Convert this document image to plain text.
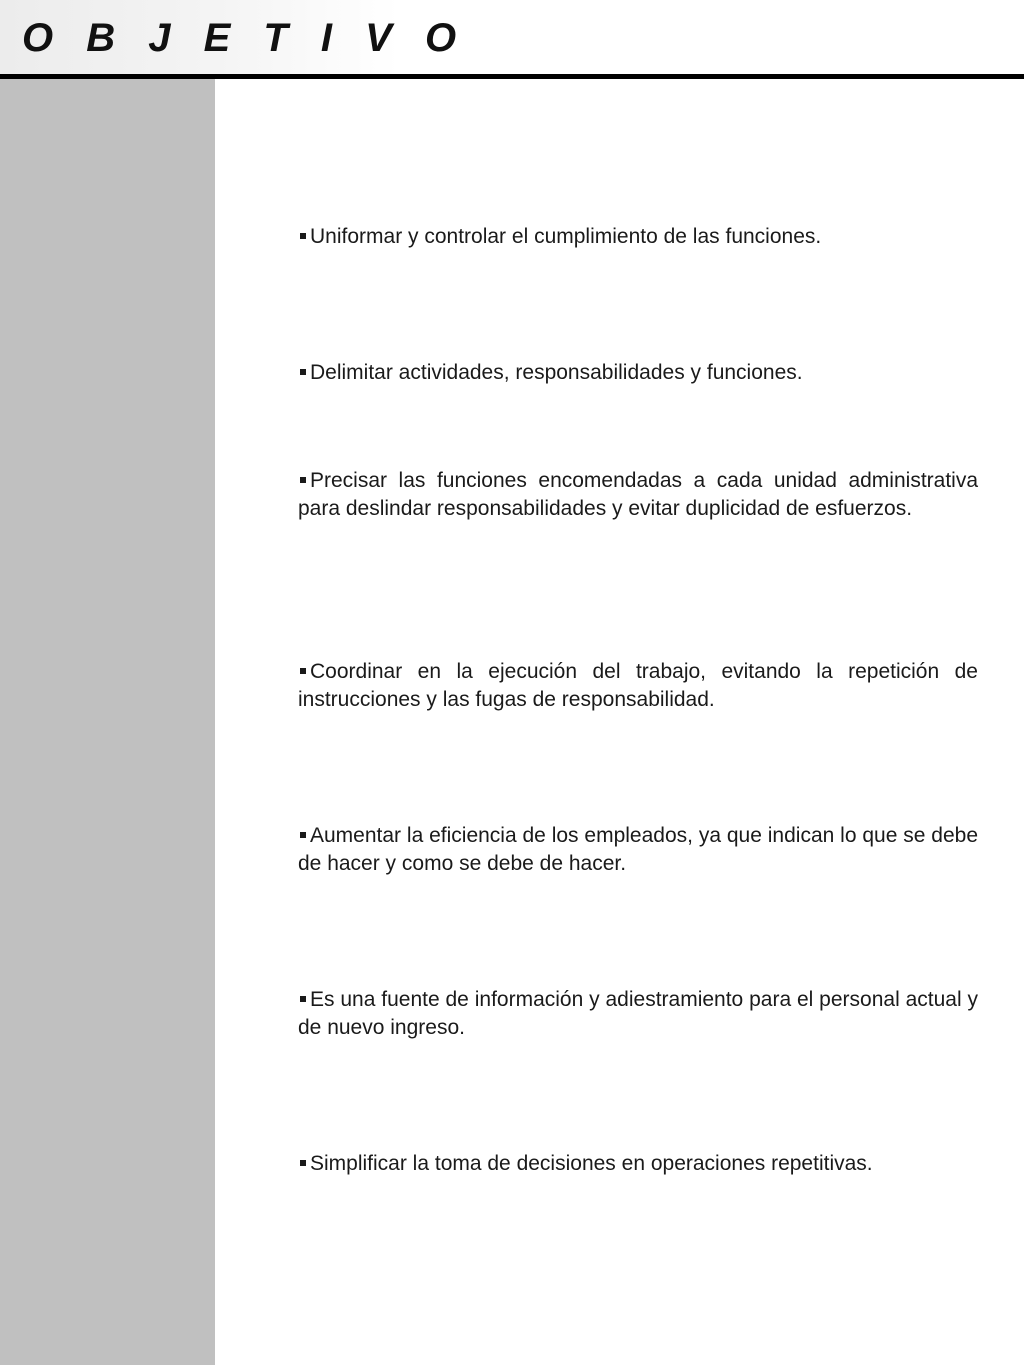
O B J E T I V O
Uniformar y controlar el cumplimiento de las funciones.
Delimitar actividades, responsabilidades y funciones.
Precisar las funciones encomendadas a cada unidad administrativa para deslindar responsabilidades y evitar duplicidad de esfuerzos.
Coordinar en la ejecución del trabajo, evitando la repetición de instrucciones y las fugas de responsabilidad.
Aumentar la eficiencia de los empleados, ya que indican lo que se debe de hacer y como se debe de hacer.
Es una fuente de información y adiestramiento para el personal actual y de nuevo ingreso.
Simplificar la toma de decisiones en operaciones repetitivas.
